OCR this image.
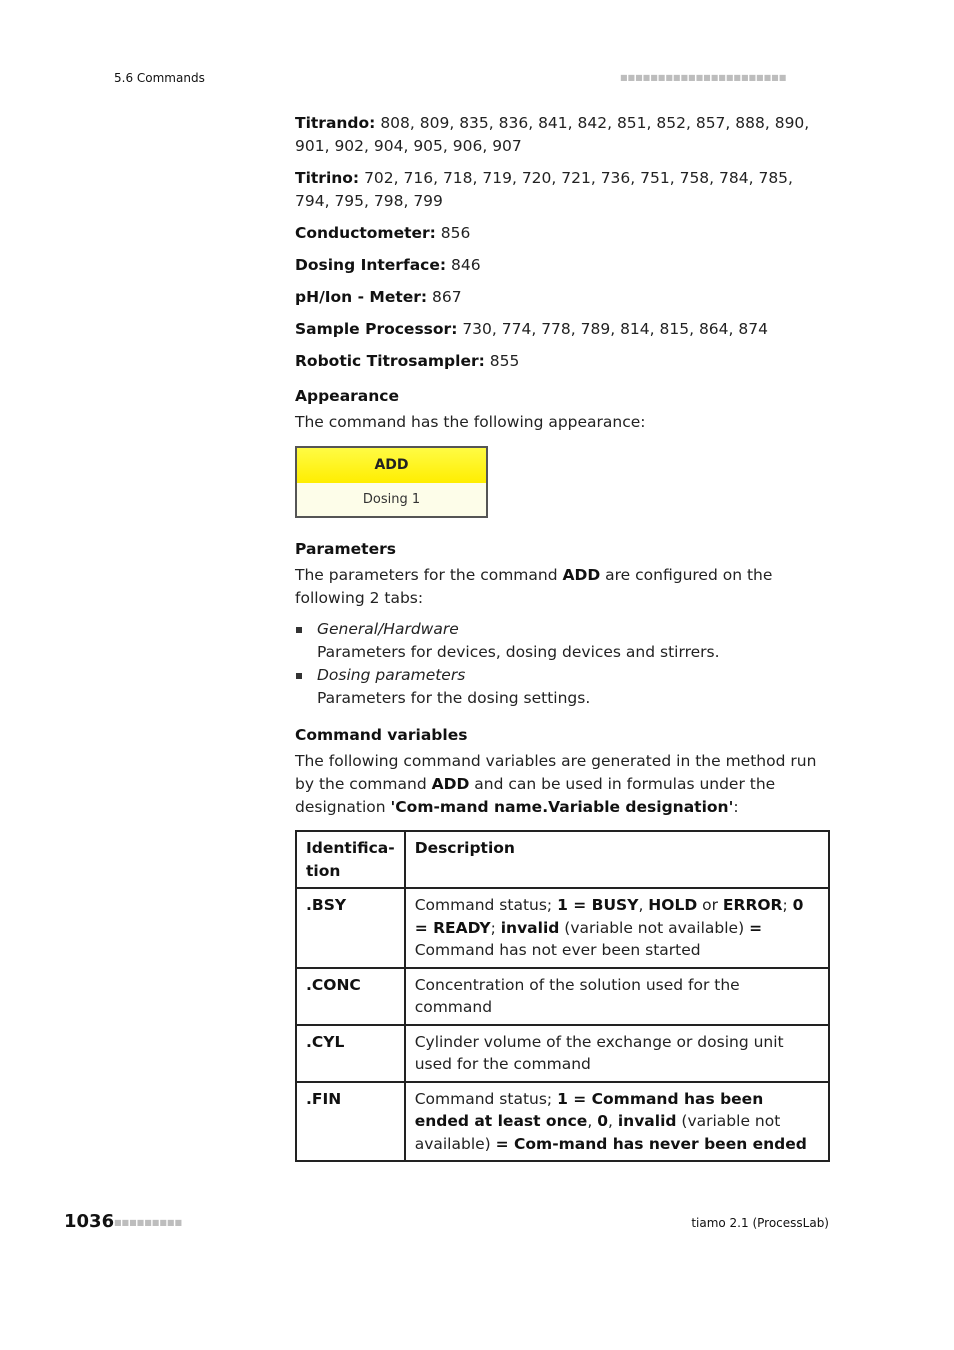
5.6 Commands	■■■■■■■■■■■■■■■■■■■■■■

Titrando: 808, 809, 835, 836, 841, 842, 851, 852, 857, 888, 890, 901, 902, 904, 905, 906, 907

Titrino: 702, 716, 718, 719, 720, 721, 736, 751, 758, 784, 785, 794, 795, 798, 799

Conductometer: 856

Dosing Interface: 846

pH/Ion - Meter: 867

Sample Processor: 730, 774, 778, 789, 814, 815, 864, 874

Robotic Titrosampler: 855

Appearance

The command has the following appearance:

ADD
Dosing 1
Parameters

The parameters for the command ADD are configured on the following 2 tabs:

General/Hardware
Parameters for devices, dosing devices and stirrers.
Dosing parameters
Parameters for the dosing settings.
Command variables

The following command variables are generated in the method run by the command ADD and can be used in formulas under the designation 'Com-mand name.Variable designation':

Identifica-tion	Description
.BSY	Command status; 1 = BUSY, HOLD or ERROR; 0 = READY; invalid (variable not available) = Command has not ever been started
.CONC	Concentration of the solution used for the command
.CYL	Cylinder volume of the exchange or dosing unit used for the command
.FIN	Command status; 1 = Command has been ended at least once, 0, invalid (variable not available) = Com-mand has never been ended
1036 ■■■■■■■■■	tiamo 2.1 (ProcessLab)
